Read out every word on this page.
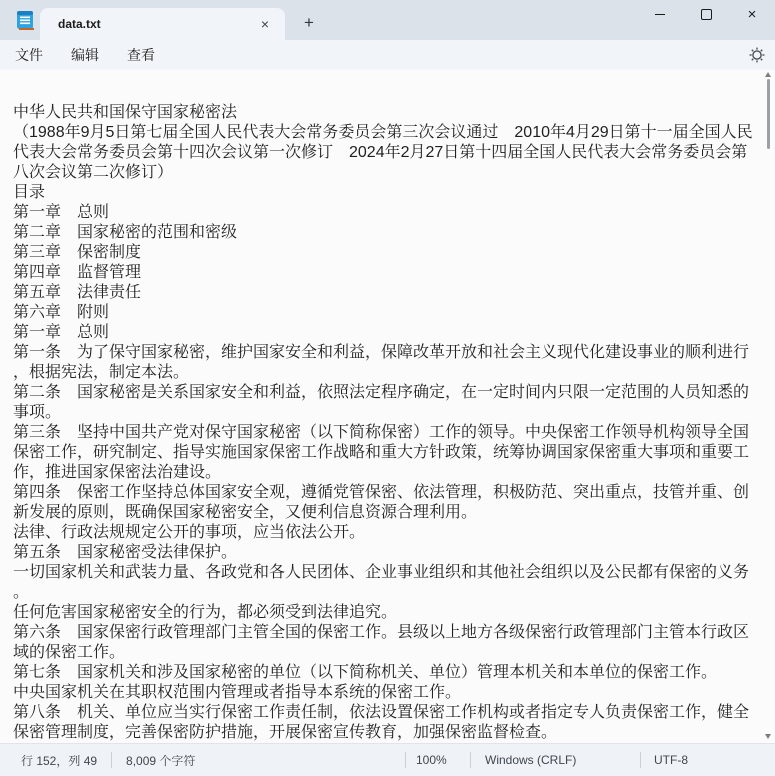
data.txt	×	+	×
文件	编辑	查看
中华人民共和国保守国家秘密法
（1988年9月5日第七届全国人民代表大会常务委员会第三次会议通过　2010年4月29日第十一届全国人民代表大会常务委员会第十四次会议第一次修订　2024年2月27日第十四届全国人民代表大会常务委员会第八次会议第二次修订）
目录
第一章　总则
第二章　国家秘密的范围和密级
第三章　保密制度
第四章　监督管理
第五章　法律责任
第六章　附则
第一章　总则
第一条　为了保守国家秘密，维护国家安全和利益，保障改革开放和社会主义现代化建设事业的顺利进行，根据宪法，制定本法。
第二条　国家秘密是关系国家安全和利益，依照法定程序确定，在一定时间内只限一定范围的人员知悉的事项。
第三条　坚持中国共产党对保守国家秘密（以下简称保密）工作的领导。中央保密工作领导机构领导全国保密工作，研究制定、指导实施国家保密工作战略和重大方针政策，统筹协调国家保密重大事项和重要工作，推进国家保密法治建设。
第四条　保密工作坚持总体国家安全观，遵循党管保密、依法管理，积极防范、突出重点，技管并重、创新发展的原则，既确保国家秘密安全，又便利信息资源合理利用。
法律、行政法规规定公开的事项，应当依法公开。
第五条　国家秘密受法律保护。
一切国家机关和武装力量、各政党和各人民团体、企业事业组织和其他社会组织以及公民都有保密的义务。
任何危害国家秘密安全的行为，都必须受到法律追究。
第六条　国家保密行政管理部门主管全国的保密工作。县级以上地方各级保密行政管理部门主管本行政区域的保密工作。
第七条　国家机关和涉及国家秘密的单位（以下简称机关、单位）管理本机关和本单位的保密工作。
中央国家机关在其职权范围内管理或者指导本系统的保密工作。
第八条　机关、单位应当实行保密工作责任制，依法设置保密工作机构或者指定专人负责保密工作，健全保密管理制度，完善保密防护措施，开展保密宣传教育，加强保密监督检查。
行 152，列 49 8,009 个字符	100%	Windows (CRLF)	UTF-8
